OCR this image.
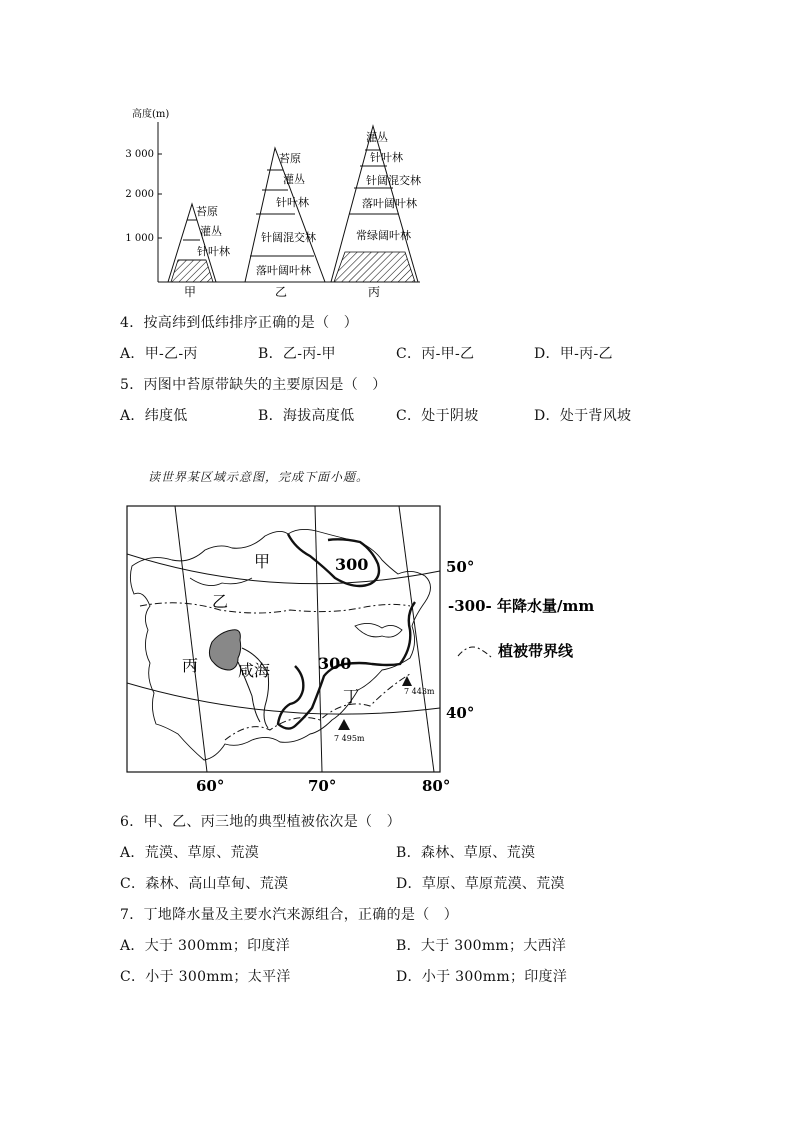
高度(m)
3 000
2 000
1 000
苔原
灌丛
针叶林
甲
苔原
灌丛
针叶林
针阔混交林
落叶阔叶林
乙
灌丛
针叶林
针阔混交林
落叶阔叶林
常绿阔叶林
丙
4．按高纬到低纬排序正确的是（　）
A．甲-乙-丙	B．乙-丙-甲	C．丙-甲-乙	D．甲-丙-乙
5．丙图中苔原带缺失的主要原因是（　）
A．纬度低	B．海拔高度低	C．处于阴坡	D．处于背风坡
读世界某区域示意图，完成下面小题。
7 443m
7 495m
甲
乙
丙
丁
咸海
300
300
50°
40°
60°	70°	80°
-300- 年降水量/mm
植被带界线
6．甲、乙、丙三地的典型植被依次是（　）
A．荒漠、草原、荒漠	B．森林、草原、荒漠
C．森林、高山草甸、荒漠	D．草原、草原荒漠、荒漠
7．丁地降水量及主要水汽来源组合，正确的是（　）
A．大于 300mm；印度洋	B．大于 300mm；大西洋
C．小于 300mm；太平洋	D．小于 300mm；印度洋
